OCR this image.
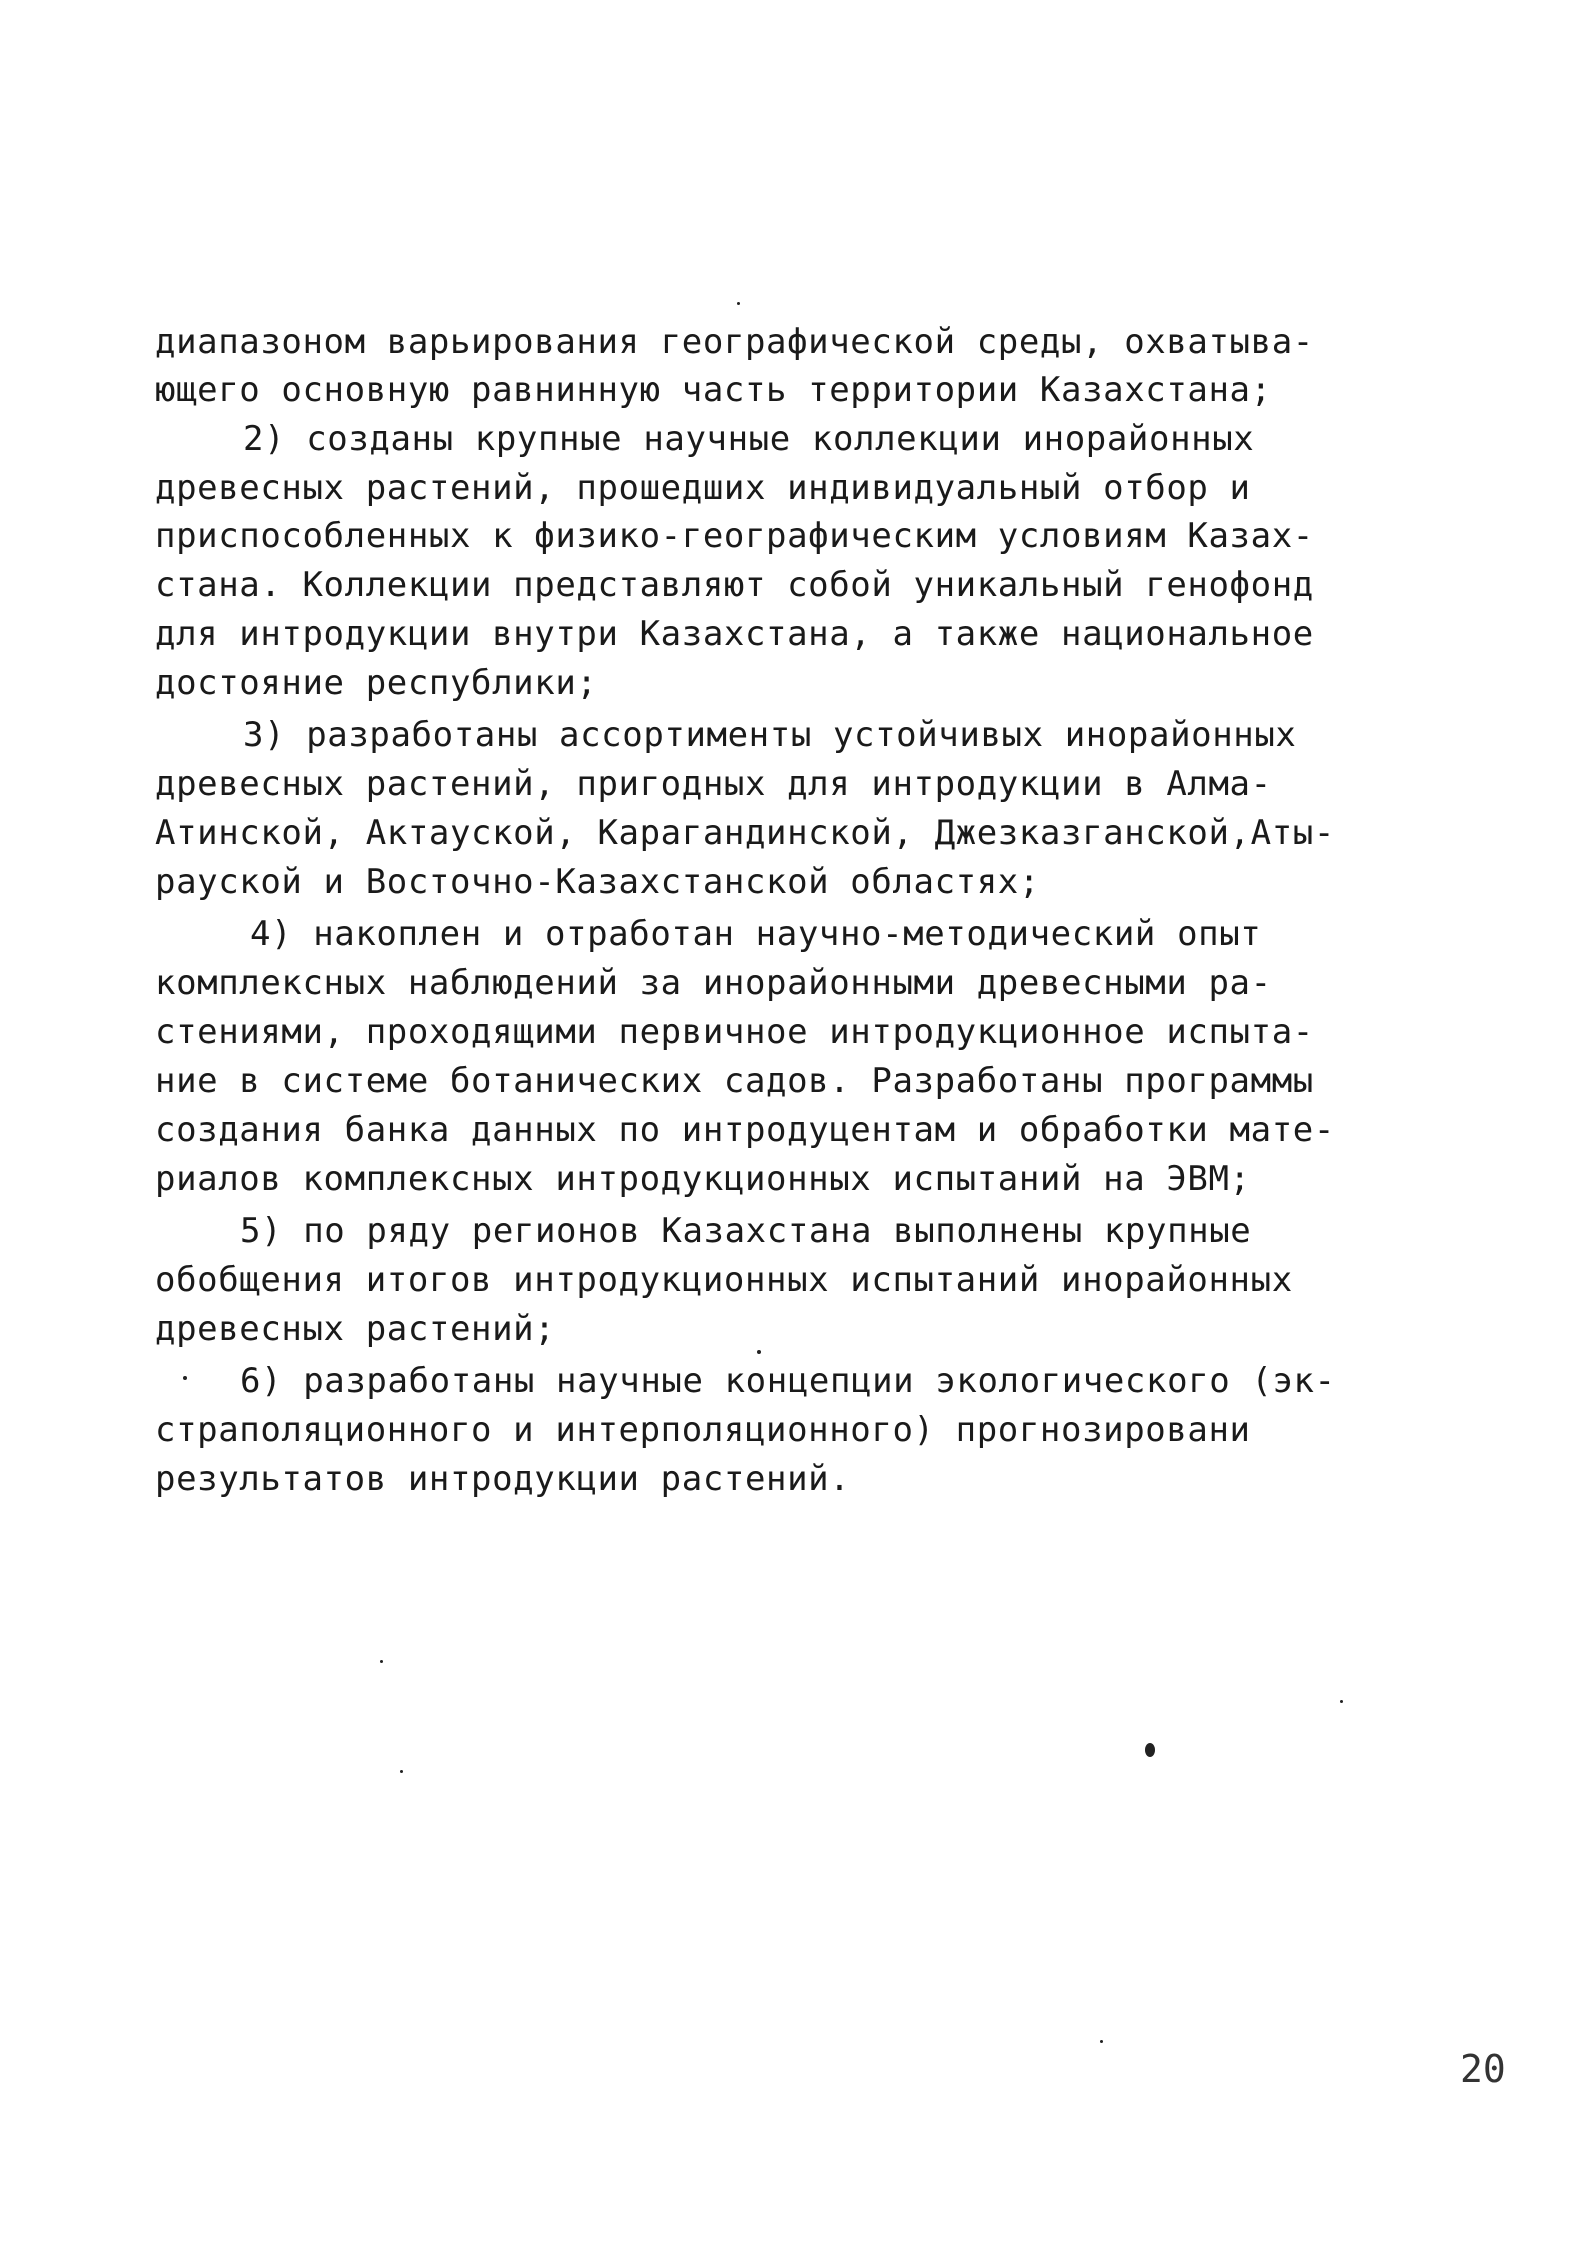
диапазоном варьирования географической среды, охватыва-
ющего основную равнинную часть территории Казахстана;
2) созданы крупные научные коллекции инорайонных
древесных растений, прошедших индивидуальный отбор и
приспособленных к физико-географическим условиям Казах-
стана. Коллекции представляют собой уникальный генофонд
для интродукции внутри Казахстана, а также национальное
достояние республики;
3) разработаны ассортименты устойчивых инорайонных
древесных растений, пригодных для интродукции в Алма-
Атинской, Актауской, Карагандинской, Джезказганской,Аты-
рауской и Восточно-Казахстанской областях;
4) накоплен и отработан научно-методический опыт
комплексных наблюдений за инорайонными древесными ра-
стениями, проходящими первичное интродукционное испыта-
ние в системе ботанических садов. Разработаны программы
создания банка данных по интродуцентам и обработки мате-
риалов комплексных интродукционных испытаний на ЭВМ;
5) по ряду регионов Казахстана выполнены крупные
обобщения итогов интродукционных испытаний инорайонных
древесных растений;
6) разработаны научные концепции экологического (эк-
страполяционного и интерполяционного) прогнозировани
результатов интродукции растений.
20
